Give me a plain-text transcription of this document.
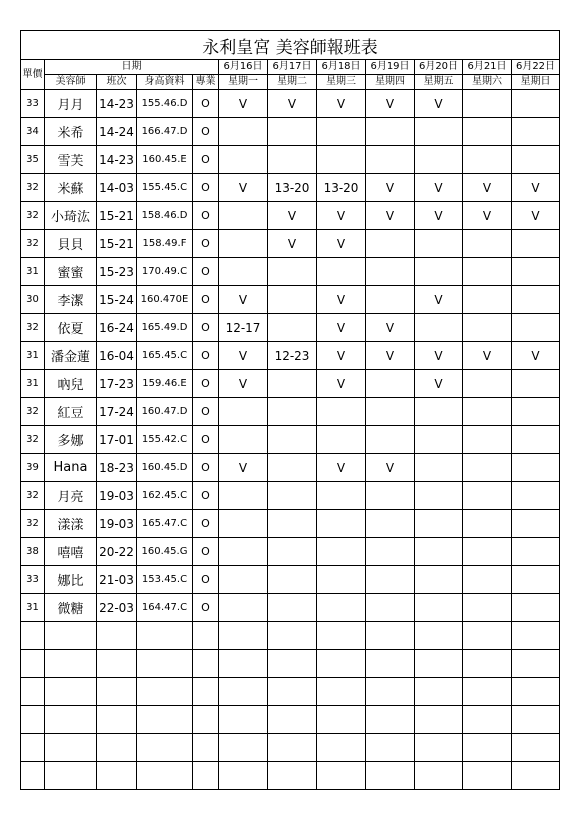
永利皇宮 美容師報班表											
單價	日期				6月16日	6月17日	6月18日	6月19日	6月20日	6月21日	6月22日
	美容師	班次	身高資料	專業	星期一	星期二	星期三	星期四	星期五	星期六	星期日
33	月月	14-23	155.46.D	O	V	V	V	V	V		
34	米希	14-24	166.47.D	O							
35	雪芙	14-23	160.45.E	O							
32	米蘇	14-03	155.45.C	O	V	13-20	13-20	V	V	V	V
32	小琦汯	15-21	158.46.D	O		V	V	V	V	V	V
32	貝貝	15-21	158.49.F	O		V	V				
31	蜜蜜	15-23	170.49.C	O							
30	李潔	15-24	160.470E	O	V		V		V		
32	依夏	16-24	165.49.D	O	12-17		V	V			
31	潘金蓮	16-04	165.45.C	O	V	12-23	V	V	V	V	V
31	吶兒	17-23	159.46.E	O	V		V		V		
32	紅豆	17-24	160.47.D	O							
32	多娜	17-01	155.42.C	O							
39	Hana	18-23	160.45.D	O	V		V	V			
32	月亮	19-03	162.45.C	O							
32	漾漾	19-03	165.47.C	O							
38	嘻嘻	20-22	160.45.G	O							
33	娜比	21-03	153.45.C	O							
31	微糖	22-03	164.47.C	O							
